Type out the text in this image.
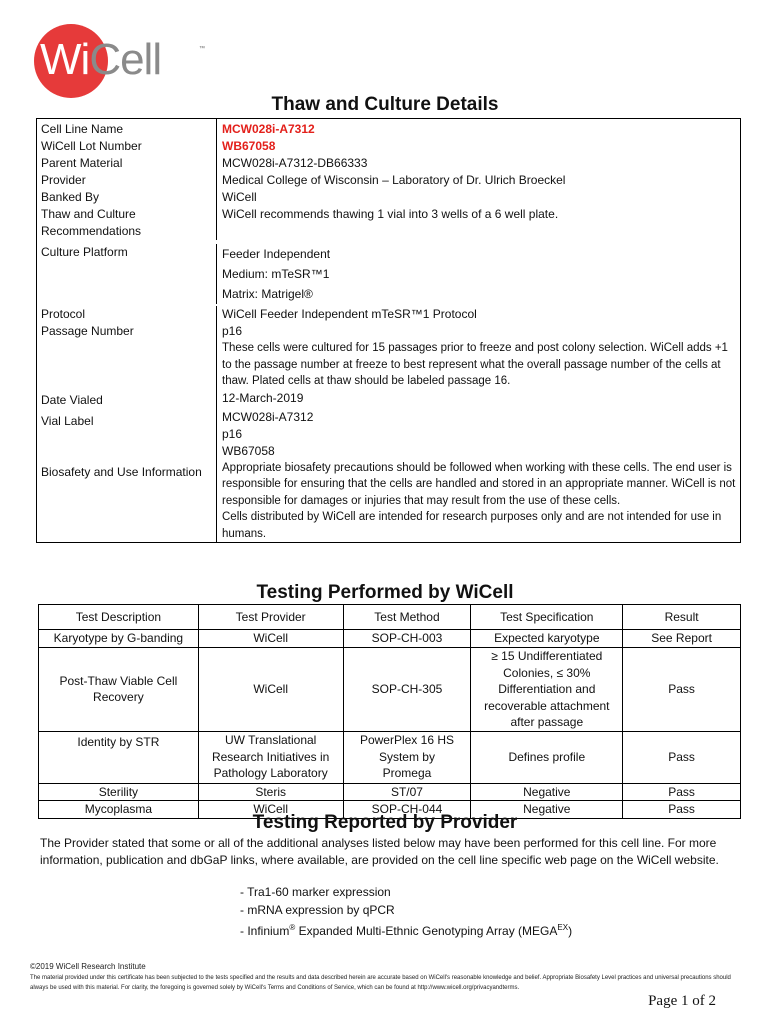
WiCell	™
Thaw and Culture Details
Cell Line Name	MCW028i-A7312
WiCell Lot Number	WB67058
Parent Material	MCW028i-A7312-DB66333
Provider	Medical College of Wisconsin – Laboratory of Dr. Ulrich Broeckel
Banked By	WiCell
Thaw and Culture Recommendations
WiCell recommends thawing 1 vial into 3 wells of a 6 well plate.
Culture Platform	Feeder Independent
Medium: mTeSR™1
Matrix: Matrigel®
Protocol	WiCell Feeder Independent mTeSR™1 Protocol
Passage Number	p16
These cells were cultured for 15 passages prior to freeze and post colony selection. WiCell adds +1 to the passage number at freeze to best represent what the overall passage number of the cells at thaw. Plated cells at thaw should be labeled passage 16.
Date Vialed	12-March-2019
Vial Label	MCW028i-A7312
p16
WB67058
Biosafety and Use Information	Appropriate biosafety precautions should be followed when working with these cells. The end user is responsible for ensuring that the cells are handled and stored in an appropriate manner. WiCell is not responsible for damages or injuries that may result from the use of these cells.
Cells distributed by WiCell are intended for research purposes only and are not intended for use in humans.
Testing Performed by WiCell
Test Description	Test Provider	Test Method	Test Specification	Result
Karyotype by G-banding	WiCell	SOP-CH-003	Expected karyotype	See Report
Post-Thaw Viable Cell Recovery	WiCell	SOP-CH-305	≥ 15 Undifferentiated Colonies, ≤ 30% Differentiation and recoverable attachment after passage	Pass
Identity by STR	UW Translational Research Initiatives in Pathology Laboratory	PowerPlex 16 HS System by Promega	Defines profile	Pass
Sterility	Steris	ST/07	Negative	Pass
Mycoplasma	WiCell	SOP-CH-044	Negative	Pass
Testing Reported by Provider
The Provider stated that some or all of the additional analyses listed below may have been performed for this cell line. For more information, publication and dbGaP links, where available, are provided on the cell line specific web page on the WiCell website.
- Tra1-60 marker expression
- mRNA expression by qPCR
- Infinium® Expanded Multi-Ethnic Genotyping Array $(MEGA^{EX})$
©2019 WiCell Research Institute
The material provided under this certificate has been subjected to the tests specified and the results and data described herein are accurate based on WiCell's reasonable knowledge and belief. Appropriate Biosafety Level practices and universal precautions should always be used with this material. For clarity, the foregoing is governed solely by WiCell's Terms and Conditions of Service, which can be found at http://www.wicell.org/privacyandterms.
Page 1 of 2
